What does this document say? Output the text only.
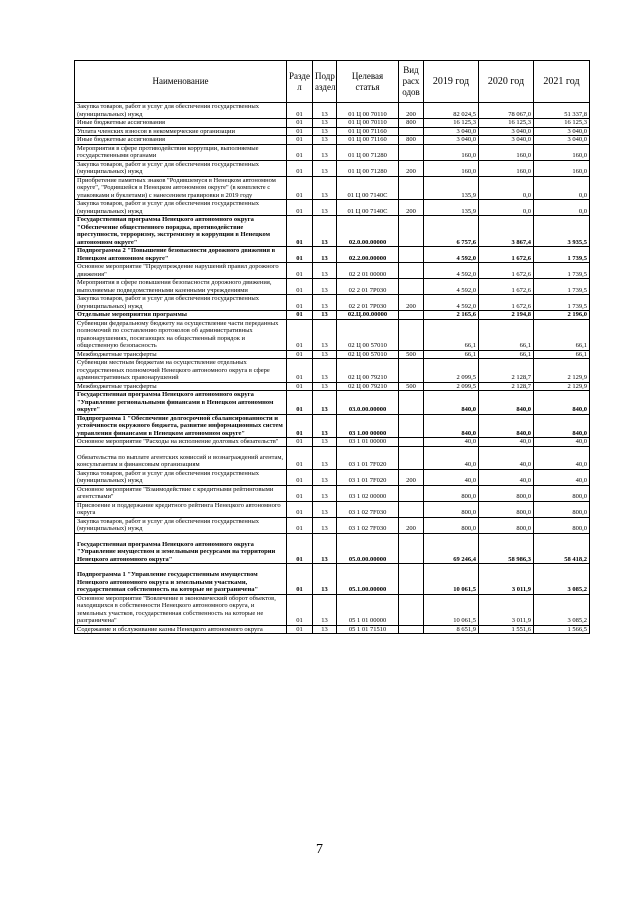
Наименование	Разде л	Подр аздел	Целевая статья	Вид расх одов	2019 год	2020 год	2021 год
Закупка товаров, работ и услуг для обеспечения государственных (муниципальных) нужд	01	13	01 Ц 00 70110	200	82 024,5	78 067,0	51 337,8
Иные бюджетные ассигнования	01	13	01 Ц 00 70110	800	16 125,3	16 125,3	16 125,3
Уплата членских взносов в некоммерческие организации	01	13	01 Ц 00 71160		3 040,0	3 040,0	3 040,0
Иные бюджетные ассигнования	01	13	01 Ц 00 71160	800	3 040,0	3 040,0	3 040,0
Мероприятия в сфере противодействия коррупции, выполняемые государственными органами	01	13	01 Ц 00 71280		160,0	160,0	160,0
Закупка товаров, работ и услуг для обеспечения государственных (муниципальных) нужд	01	13	01 Ц 00 71280	200	160,0	160,0	160,0
Приобретение памятных знаков "Родившемуся в Ненецком автономном округе", "Родившейся в Ненецком автономном округе" (в комплекте с упаковками и буклетами) с нанесением гравировки в 2019 году	01	13	01 Ц 00 7140С		135,9	0,0	0,0
Закупка товаров, работ и услуг для обеспечения государственных (муниципальных) нужд	01	13	01 Ц 00 7140С	200	135,9	0,0	0,0
Государственная программа Ненецкого автономного округа "Обеспечение общественного порядка, противодействие преступности, терроризму, экстремизму и коррупции в Ненецком автономном округе"	01	13	02.0.00.00000		6 757,6	3 867,4	3 935,5
Подпрограмма 2 "Повышение безопасности дорожного движения в Ненецком автономном округе"	01	13	02.2.00.00000		4 592,0	1 672,6	1 739,5
Основное мероприятие "Предупреждение нарушений правил дорожного движения"	01	13	02 2 01 00000		4 592,0	1 672,6	1 739,5
Мероприятия в сфере повышения безопасности дорожного движения, выполняемые подведомственными казенными учреждениями	01	13	02 2 01 7Р030		4 592,0	1 672,6	1 739,5
Закупка товаров, работ и услуг для обеспечения государственных (муниципальных) нужд	01	13	02 2 01 7Р030	200	4 592,0	1 672,6	1 739,5
Отдельные мероприятия программы	01	13	02.Ц.00.00000		2 165,6	2 194,8	2 196,0
Субвенции федеральному бюджету на осуществление части переданных полномочий по составлению протоколов об административных правонарушениях, посягающих на общественный порядок и общественную безопасность	01	13	02 Ц 00 57010		66,1	66,1	66,1
Межбюджетные трансферты	01	13	02 Ц 00 57010	500	66,1	66,1	66,1
Субвенции местным бюджетам на осуществление отдельных государственных полномочий Ненецкого автономного округа в сфере административных правонарушений	01	13	02 Ц 00 79210		2 099,5	2 128,7	2 129,9
Межбюджетные трансферты	01	13	02 Ц 00 79210	500	2 099,5	2 128,7	2 129,9
Государственная программа Ненецкого автономного округа "Управление региональными финансами в Ненецком автономном округе"	01	13	03.0.00.00000		840,0	840,0	840,0
Подпрограмма 1 "Обеспечение долгосрочной сбалансированности и устойчивости окружного бюджета, развитие информационных систем управления финансами в Ненецком автономном округе"	01	13	03 1.00 00000		840,0	840,0	840,0
Основное мероприятие "Расходы на исполнение долговых обязательств"	01	13	03 1 01 00000		40,0	40,0	40,0
Обязательства по выплате агентских комиссий и вознаграждений агентам, консультантам и финансовым организациям	01	13	03 1 01 7F020		40,0	40,0	40,0
Закупка товаров, работ и услуг для обеспечения государственных (муниципальных) нужд	01	13	03 1 01 7F020	200	40,0	40,0	40,0
Основное мероприятие "Взаимодействие с кредитными рейтинговыми агентствами"	01	13	03 1 02 00000		800,0	800,0	800,0
Присвоение и поддержание кредитного рейтинга Ненецкого автономного округа	01	13	03 1 02 7F030		800,0	800,0	800,0
Закупка товаров, работ и услуг для обеспечения государственных (муниципальных) нужд	01	13	03 1 02 7F030	200	800,0	800,0	800,0
Государственная программа Ненецкого автономного округа "Управление имуществом и земельными ресурсами на территории Ненецкого автономного округа"	01	13	05.0.00.00000		69 246,4	58 986,3	58 418,2
Подпрограмма 1 "Управление государственным имуществом Ненецкого автономного округа и земельными участками, государственная собственность на которые не разграничена"	01	13	05.1.00.00000		10 061,5	3 011,9	3 085,2
Основное мероприятие "Вовлечение в экономический оборот объектов, находящихся в собственности Ненецкого автономного округа, и земельных участков, государственная собственность на которые не разграничена"	01	13	05 1 01 00000		10 061,5	3 011,9	3 085,2
Содержание и обслуживание казны Ненецкого автономного округа	01	13	05 1 01 71510		8 651,9	1 551,6	1 566,5
7
